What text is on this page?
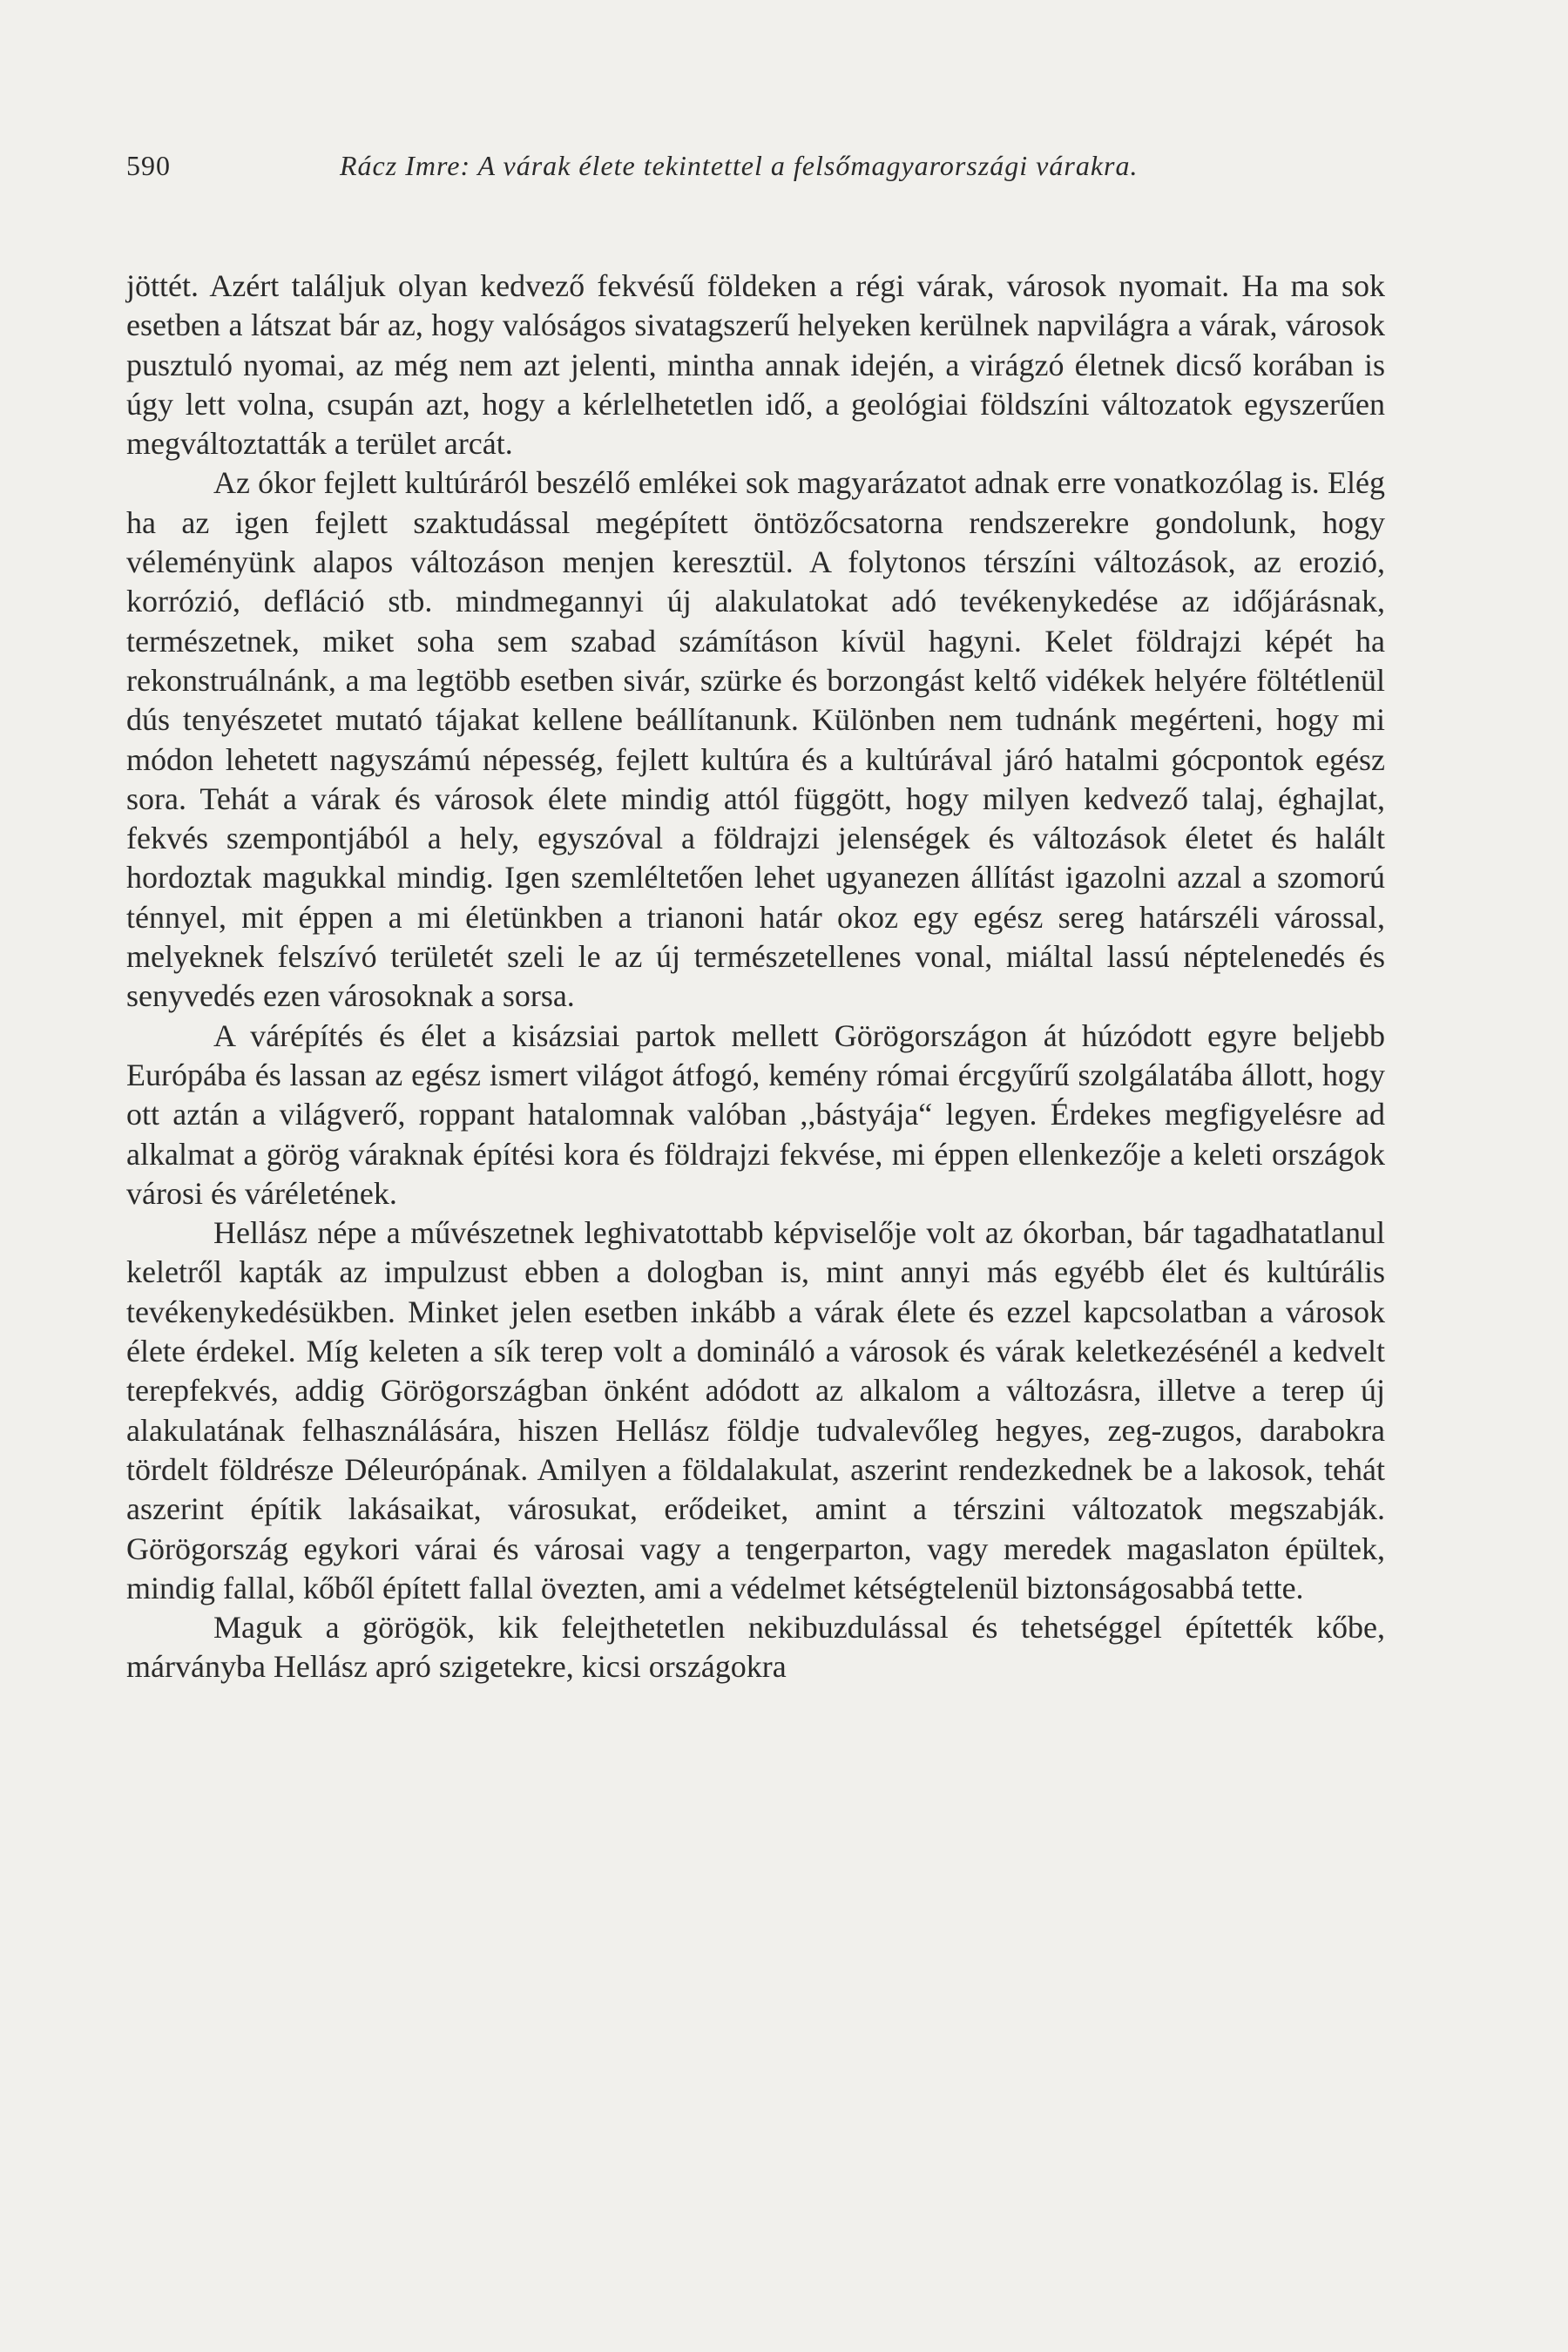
590	Rácz Imre: A várak élete tekintettel a felsőmagyarországi várakra.

jöttét. Azért találjuk olyan kedvező fekvésű földeken a régi várak, városok nyomait. Ha ma sok esetben a látszat bár az, hogy valóságos sivatagszerű helyeken kerülnek napvilágra a várak, városok pusztuló nyomai, az még nem azt jelenti, mintha annak idején, a virágzó életnek dicső korában is úgy lett volna, csupán azt, hogy a kérlelhetetlen idő, a geológiai földszíni változatok egyszerűen megváltoztatták a terület arcát.

Az ókor fejlett kultúráról beszélő emlékei sok magyarázatot adnak erre vonatkozólag is. Elég ha az igen fejlett szaktudással megépített öntözőcsatorna rendszerekre gondolunk, hogy véleményünk alapos változáson menjen keresztül. A folytonos térszíni változások, az erozió, korrózió, defláció stb. mindmegannyi új alakulatokat adó tevékenykedése az időjárásnak, természetnek, miket soha sem szabad számításon kívül hagyni. Kelet földrajzi képét ha rekonstruálnánk, a ma legtöbb esetben sivár, szürke és borzongást keltő vidékek helyére föltétlenül dús tenyészetet mutató tájakat kellene beállítanunk. Különben nem tudnánk megérteni, hogy mi módon lehetett nagyszámú népesség, fejlett kultúra és a kultúrával járó hatalmi gócpontok egész sora. Tehát a várak és városok élete mindig attól függött, hogy milyen kedvező talaj, éghajlat, fekvés szempontjából a hely, egyszóval a földrajzi jelenségek és változások életet és halált hordoztak magukkal mindig. Igen szemléltetően lehet ugyanezen állítást igazolni azzal a szomorú ténnyel, mit éppen a mi életünkben a trianoni határ okoz egy egész sereg határszéli várossal, melyeknek felszívó területét szeli le az új természetellenes vonal, miáltal lassú néptelenedés és senyvedés ezen városoknak a sorsa.

A várépítés és élet a kisázsiai partok mellett Görögországon át húzódott egyre beljebb Európába és lassan az egész ismert világot átfogó, kemény római ércgyűrű szolgálatába állott, hogy ott aztán a világverő, roppant hatalomnak valóban ,,bástyája“ legyen. Érdekes megfigyelésre ad alkalmat a görög váraknak építési kora és földrajzi fekvése, mi éppen ellenkezője a keleti országok városi és váréletének.

Hellász népe a művészetnek leghivatottabb képviselője volt az ókorban, bár tagadhatatlanul keletről kapták az impulzust ebben a dologban is, mint annyi más egyébb élet és kultúrális tevékenykedésükben. Minket jelen esetben inkább a várak élete és ezzel kapcsolatban a városok élete érdekel. Míg keleten a sík terep volt a domináló a városok és várak keletkezésénél a kedvelt terepfekvés, addig Görögországban önként adódott az alkalom a változásra, illetve a terep új alakulatának felhasználására, hiszen Hellász földje tudvalevőleg hegyes, zeg-zugos, darabokra tördelt földrésze Déleurópának. Amilyen a földalakulat, aszerint rendezkednek be a lakosok, tehát aszerint építik lakásaikat, városukat, erődeiket, amint a térszini változatok megszabják. Görögország egykori várai és városai vagy a tengerparton, vagy meredek magaslaton épültek, mindig fallal, kőből épített fallal övezten, ami a védelmet kétségtelenül biztonságosabbá tette.

Maguk a görögök, kik felejthetetlen nekibuzdulással és tehetséggel építették kőbe, márványba Hellász apró szigetekre, kicsi országokra
